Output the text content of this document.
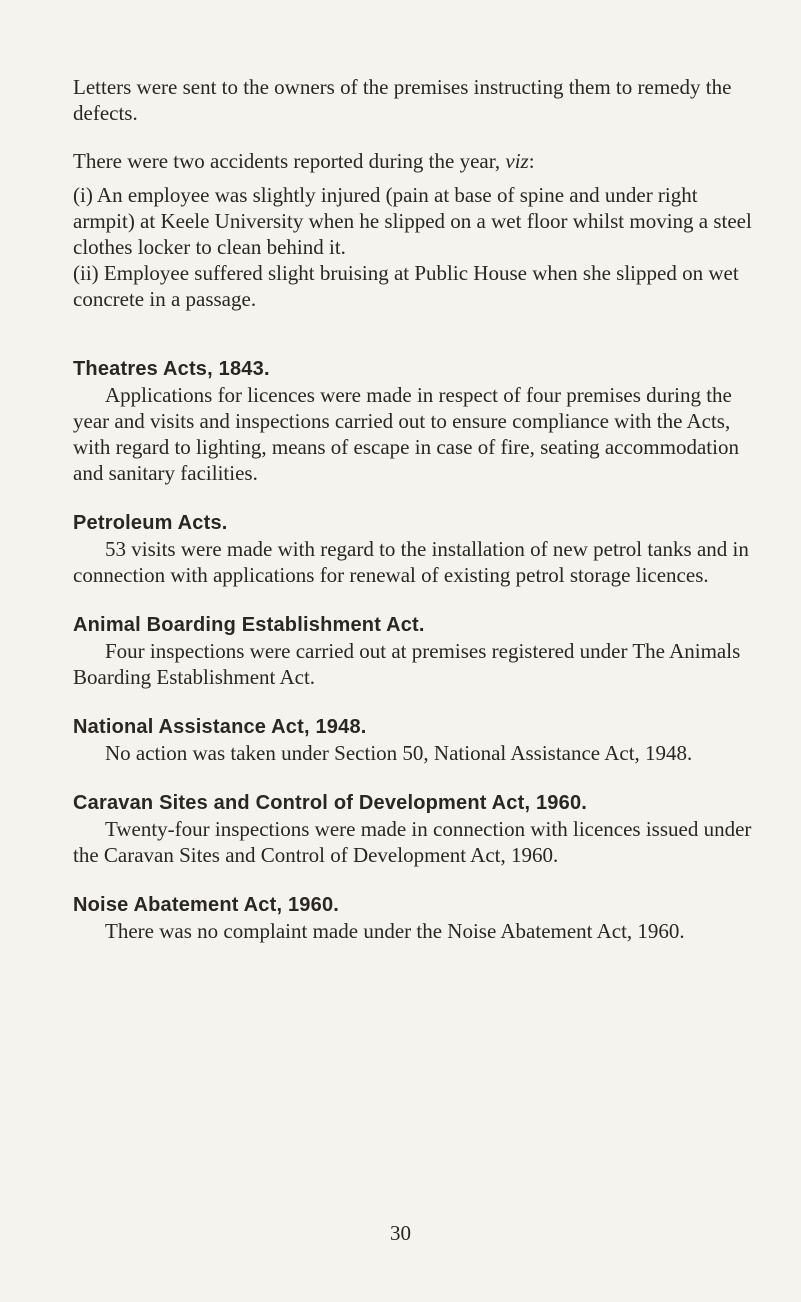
Letters were sent to the owners of the premises instructing them to remedy the defects.

There were two accidents reported during the year, viz:

(i) An employee was slightly injured (pain at base of spine and under right armpit) at Keele University when he slipped on a wet floor whilst moving a steel clothes locker to clean behind it.

(ii) Employee suffered slight bruising at Public House when she slipped on wet concrete in a passage.

Theatres Acts, 1843.

Applications for licences were made in respect of four premises during the year and visits and inspections carried out to ensure compliance with the Acts, with regard to lighting, means of escape in case of fire, seating accommodation and sanitary facilities.

Petroleum Acts.

53 visits were made with regard to the installation of new petrol tanks and in connection with applications for renewal of existing petrol storage licences.

Animal Boarding Establishment Act.

Four inspections were carried out at premises registered under The Animals Boarding Establishment Act.

National Assistance Act, 1948.

No action was taken under Section 50, National Assistance Act, 1948.

Caravan Sites and Control of Development Act, 1960.

Twenty-four inspections were made in connection with licences issued under the Caravan Sites and Control of Development Act, 1960.

Noise Abatement Act, 1960.

There was no complaint made under the Noise Abatement Act, 1960.

30
